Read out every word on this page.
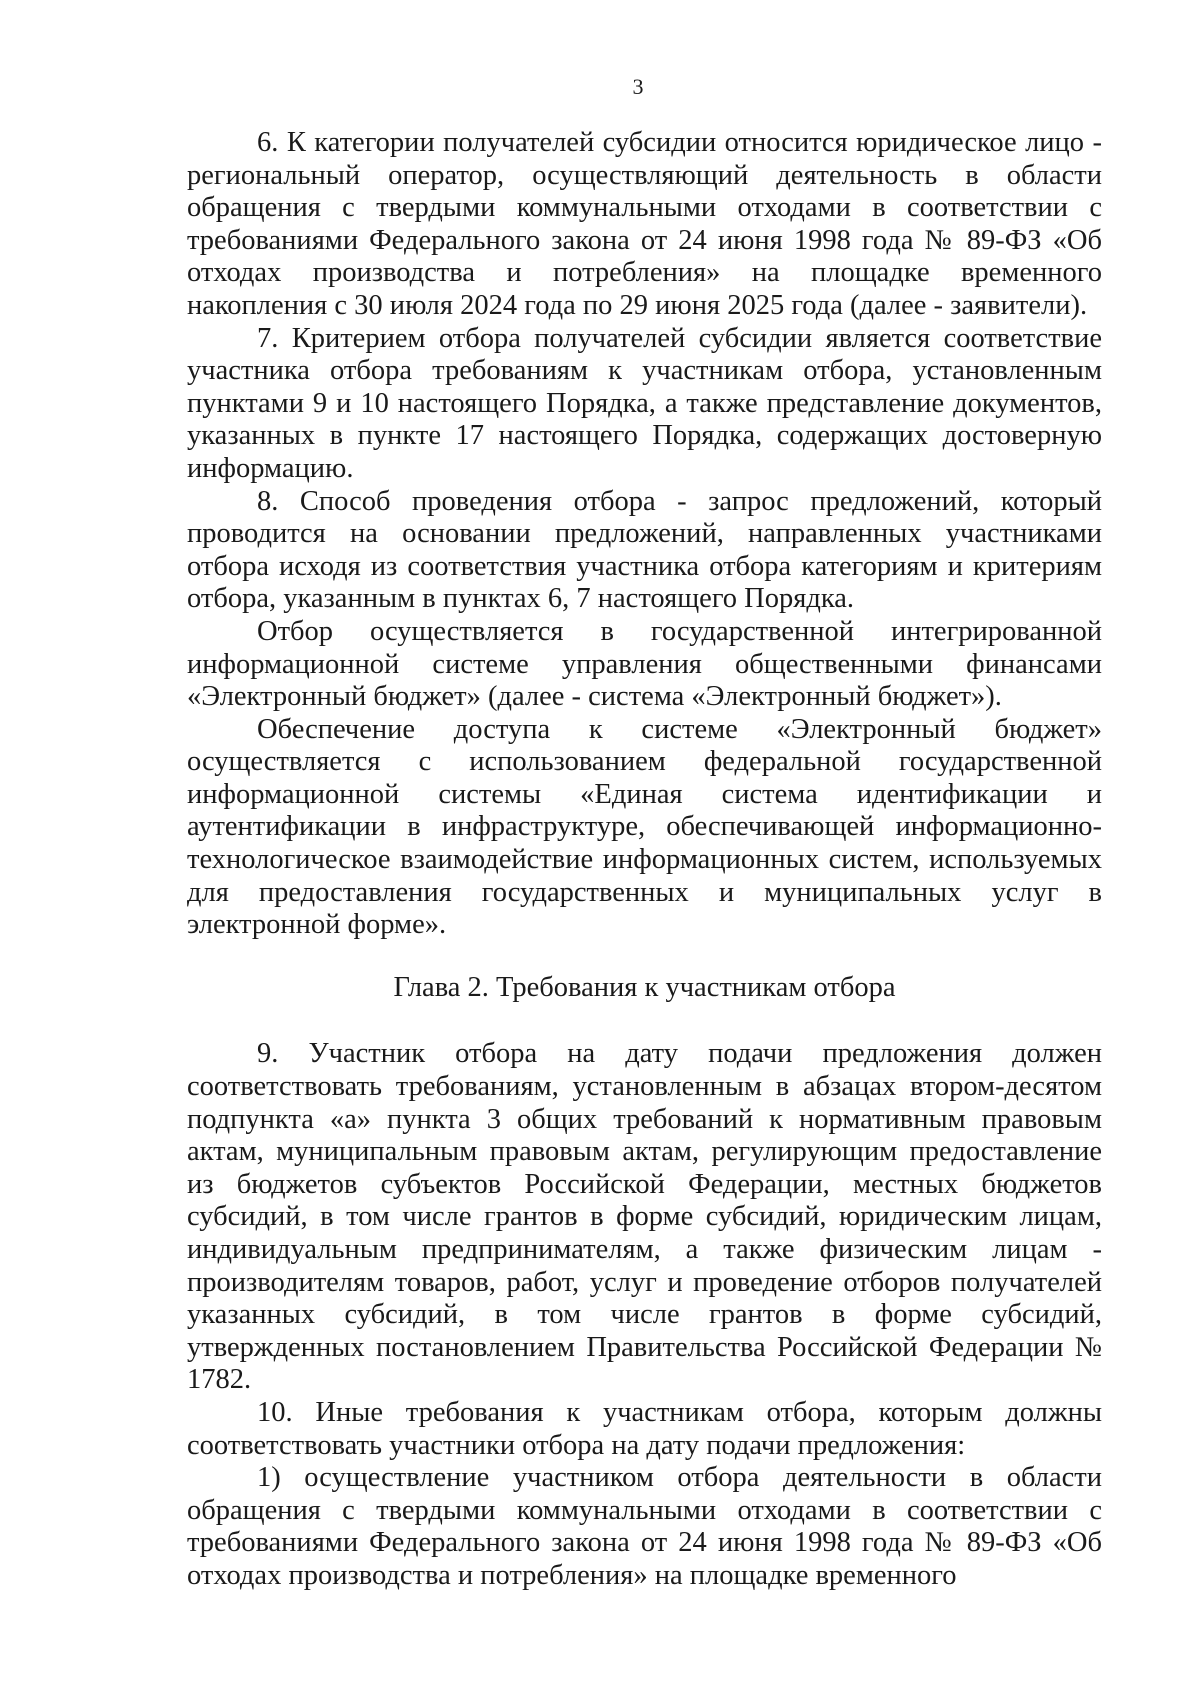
3

6. К категории получателей субсидии относится юридическое лицо - региональный оператор, осуществляющий деятельность в области обращения с твердыми коммунальными отходами в соответствии с требованиями Федерального закона от 24 июня 1998 года № 89-ФЗ «Об отходах производства и потребления» на площадке временного накопления с 30 июля 2024 года по 29 июня 2025 года (далее - заявители).

7. Критерием отбора получателей субсидии является соответствие участника отбора требованиям к участникам отбора, установленным пунктами 9 и 10 настоящего Порядка, а также представление документов, указанных в пункте 17 настоящего Порядка, содержащих достоверную информацию.

8. Способ проведения отбора - запрос предложений, который проводится на основании предложений, направленных участниками отбора исходя из соответствия участника отбора категориям и критериям отбора, указанным в пунктах 6, 7 настоящего Порядка.

Отбор осуществляется в государственной интегрированной информационной системе управления общественными финансами «Электронный бюджет» (далее - система «Электронный бюджет»).

Обеспечение доступа к системе «Электронный бюджет» осуществляется с использованием федеральной государственной информационной системы «Единая система идентификации и аутентификации в инфраструктуре, обеспечивающей информационно-технологическое взаимодействие информационных систем, используемых для предоставления государственных и муниципальных услуг в электронной форме».

Глава 2. Требования к участникам отбора

9. Участник отбора на дату подачи предложения должен соответствовать требованиям, установленным в абзацах втором-десятом подпункта «а» пункта 3 общих требований к нормативным правовым актам, муниципальным правовым актам, регулирующим предоставление из бюджетов субъектов Российской Федерации, местных бюджетов субсидий, в том числе грантов в форме субсидий, юридическим лицам, индивидуальным предпринимателям, а также физическим лицам - производителям товаров, работ, услуг и проведение отборов получателей указанных субсидий, в том числе грантов в форме субсидий, утвержденных постановлением Правительства Российской Федерации № 1782.

10. Иные требования к участникам отбора, которым должны соответствовать участники отбора на дату подачи предложения:

1) осуществление участником отбора деятельности в области обращения с твердыми коммунальными отходами в соответствии с требованиями Федерального закона от 24 июня 1998 года № 89-ФЗ «Об отходах производства и потребления» на площадке временного
